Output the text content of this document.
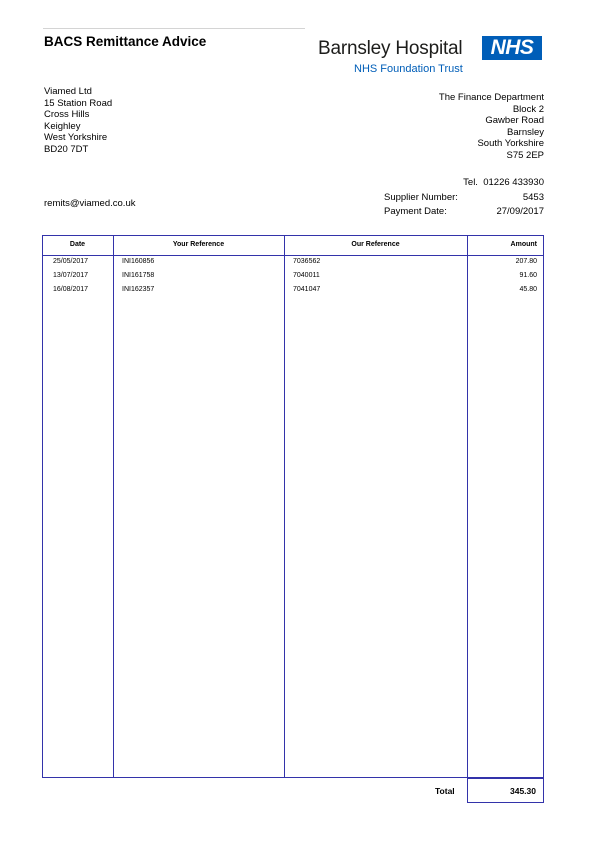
BACS Remittance Advice	Barnsley Hospital	NHS
NHS Foundation Trust
Viamed Ltd
15 Station Road
Cross Hills
Keighley
West Yorkshire
BD20 7DT
The Finance Department
Block 2
Gawber Road
Barnsley
South Yorkshire
S75 2EP
Tel. 01226 433930
remits@viamed.co.uk
Supplier Number:	5453
Payment Date:	27/09/2017
Date	Your Reference	Our Reference	Amount
25/05/2017	INI160856	7036562	207.80
13/07/2017	INI161758	7040011	91.60
16/08/2017	INI162357	7041047	45.80
Total	345.30
